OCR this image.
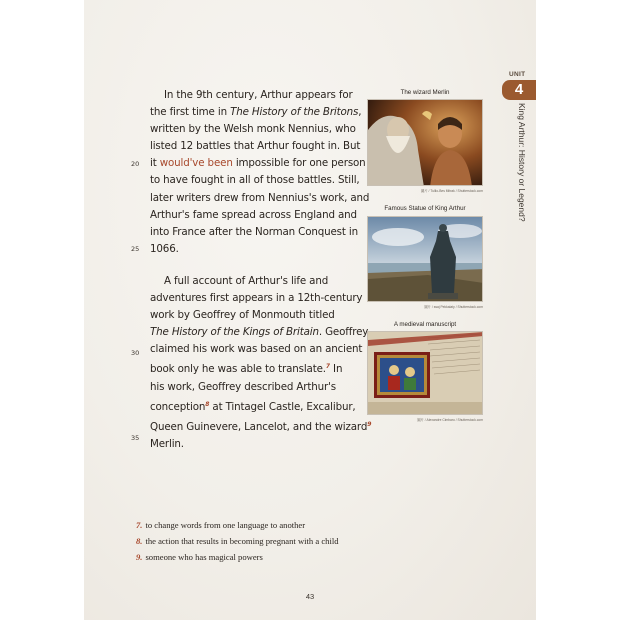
In the 9th century, Arthur appears for
the first time in The History of the Britons,
written by the Welsh monk Nennius, who
listed 12 battles that Arthur fought in. But
it would've been impossible for one person
to have fought in all of those battles. Still,
later writers drew from Nennius's work, and
Arthur's fame spread across England and
into France after the Norman Conquest in
1066.
A full account of Arthur's life and
adventures first appears in a 12th-century
work by Geoffrey of Monmouth titled
The History of the Kings of Britain. Geoffrey
claimed his work was based on an ancient
book only he was able to translate.$^7$ In
his work, Geoffrey described Arthur's
conception$^8$ at Tintagel Castle, Excalibur,
Queen Guinevere, Lancelot, and the wizard$^9$
Merlin.
20
25
30
35
The wizard Merlin
圖片 / Tullio-Bes Mitrak / Shutterstock.com
Famous Statue of King Arthur
圖片 / ssaj Pekkalaty / Shutterstock.com
A medieval manuscript
圖片 / Alexandre Cimbaro / Shutterstock.com
UNIT
4
King Arthur: History or Legend?
7. to change words from one language to another
8. the action that results in becoming pregnant with a child
9. someone who has magical powers
43
